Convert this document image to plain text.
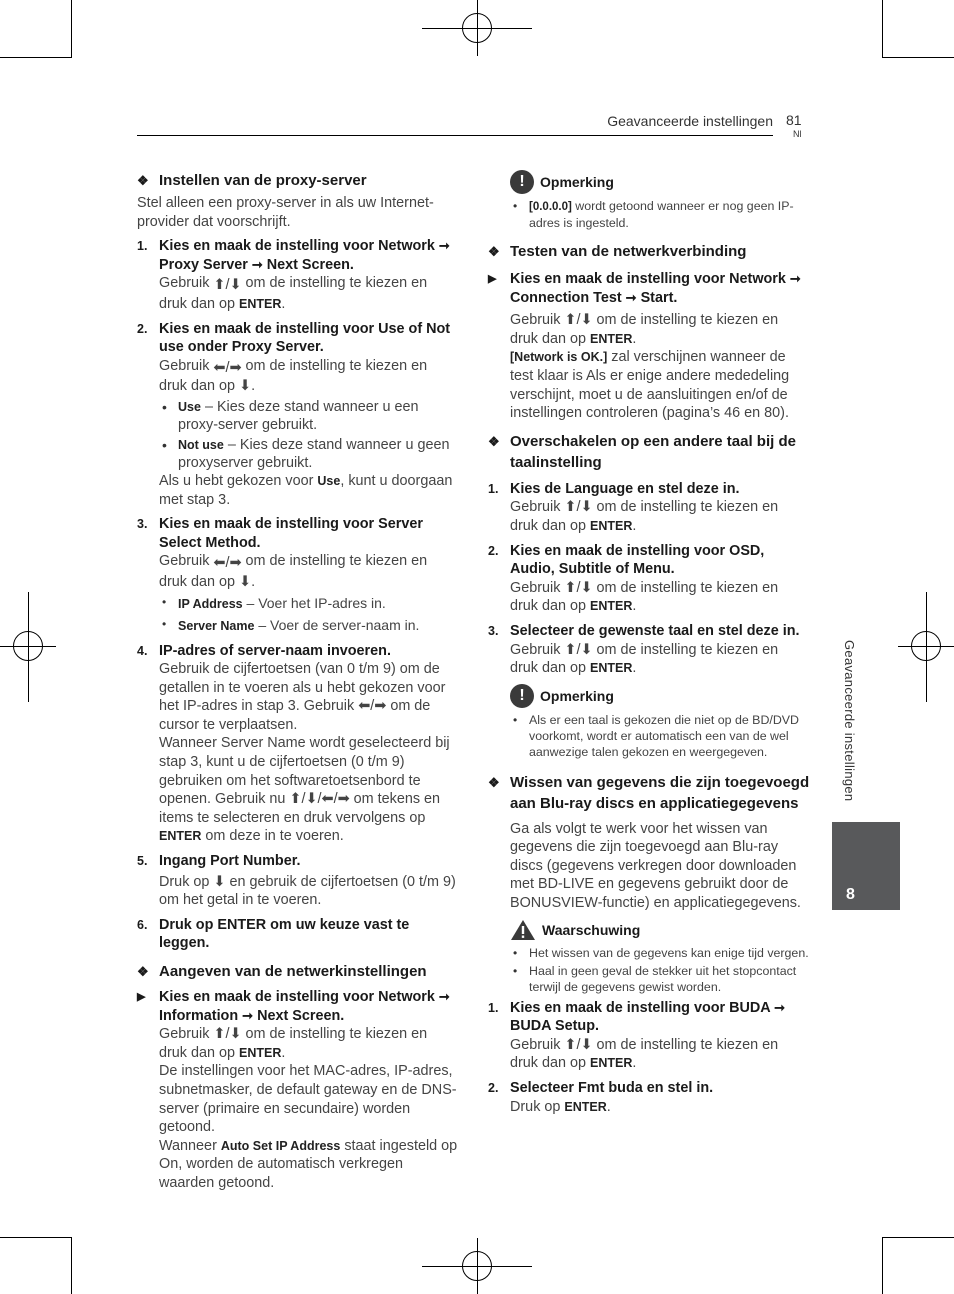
Geavanceerde instellingen 81
Nl
Geavanceerde instellingen
8
❖ Instellen van de proxy-server

Stel alleen een proxy-server in als uw Internet-provider dat voorschrijft.

1. Kies en maak de instelling voor Network ➞ Proxy Server ➞ Next Screen.

Gebruik ⬆/⬇ om de instelling te kiezen en druk dan op ENTER.

2. Kies en maak de instelling voor Use of Not use onder Proxy Server.

Gebruik ⬅/➡ om de instelling te kiezen en druk dan op ⬇.

• Use – Kies deze stand wanneer u een proxy-server gebruikt.
• Not use – Kies deze stand wanneer u geen proxyserver gebruikt.

Als u hebt gekozen voor Use, kunt u doorgaan met stap 3.

3. Kies en maak de instelling voor Server Select Method.

Gebruik ⬅/➡ om de instelling te kiezen en druk dan op ⬇.

• IP Address – Voer het IP-adres in.
• Server Name – Voer de server-naam in.
4. IP-adres of server-naam invoeren.

Gebruik de cijfertoetsen (van 0 t/m 9) om de getallen in te voeren als u hebt gekozen voor het IP-adres in stap 3. Gebruik ⬅/➡ om de cursor te verplaatsen.

Wanneer Server Name wordt geselecteerd bij stap 3, kunt u de cijfertoetsen (0 t/m 9) gebruiken om het softwaretoetsenbord te openen. Gebruik nu ⬆/⬇/⬅/➡ om tekens en items te selecteren en druk vervolgens op ENTER om deze in te voeren.

5. Ingang Port Number.

Druk op ⬇ en gebruik de cijfertoetsen (0 t/m 9) om het getal in te voeren.

6. Druk op ENTER om uw keuze vast te leggen.
❖ Aangeven van de netwerkinstellingen
▶ Kies en maak de instelling voor Network ➞ Information ➞ Next Screen.

Gebruik ⬆/⬇ om de instelling te kiezen en druk dan op ENTER.

De instellingen voor het MAC-adres, IP-adres, subnetmasker, de default gateway en de DNS-server (primaire en secundaire) worden getoond.

Wanneer Auto Set IP Address staat ingesteld op On, worden de automatisch verkregen waarden getoond.

!	Opmerking
•	[0.0.0.0] wordt getoond wanneer er nog geen IP-adres is ingesteld.
❖ Testen van de netwerkverbinding
▶ Kies en maak de instelling voor Network ➞ Connection Test ➞ Start.

Gebruik ⬆/⬇ om de instelling te kiezen en druk dan op ENTER.

[Network is OK.] zal verschijnen wanneer de test klaar is Als er enige andere mededeling verschijnt, moet u de aansluitingen en/of de instellingen controleren (pagina’s 46 en 80).

❖ Overschakelen op een andere taal bij de taalinstelling
1. Kies de Language en stel deze in.

Gebruik ⬆/⬇ om de instelling te kiezen en druk dan op ENTER.

2. Kies en maak de instelling voor OSD, Audio, Subtitle of Menu.

Gebruik ⬆/⬇ om de instelling te kiezen en druk dan op ENTER.

3. Selecteer de gewenste taal en stel deze in.

Gebruik ⬆/⬇ om de instelling te kiezen en druk dan op ENTER.

!	Opmerking
• Als er een taal is gekozen die niet op de BD/DVD voorkomt, wordt er automatisch een van de wel aanwezige talen gekozen en weergegeven.
❖ Wissen van gegevens die zijn toegevoegd aan Blu-ray discs en applicatiegegevens

Ga als volgt te werk voor het wissen van gegevens die zijn toegevoegd aan Blu-ray discs (gegevens verkregen door downloaden met BD-LIVE en gegevens gebruikt door de BONUSVIEW-functie) en applicatiegegevens.

Waarschuwing
• Het wissen van de gegevens kan enige tijd vergen.
• Haal in geen geval de stekker uit het stopcontact terwijl de gegevens gewist worden.
1. Kies en maak de instelling voor BUDA ➞ BUDA Setup.

Gebruik ⬆/⬇ om de instelling te kiezen en druk dan op ENTER.

2. Selecteer Fmt buda en stel in.

Druk op ENTER.
